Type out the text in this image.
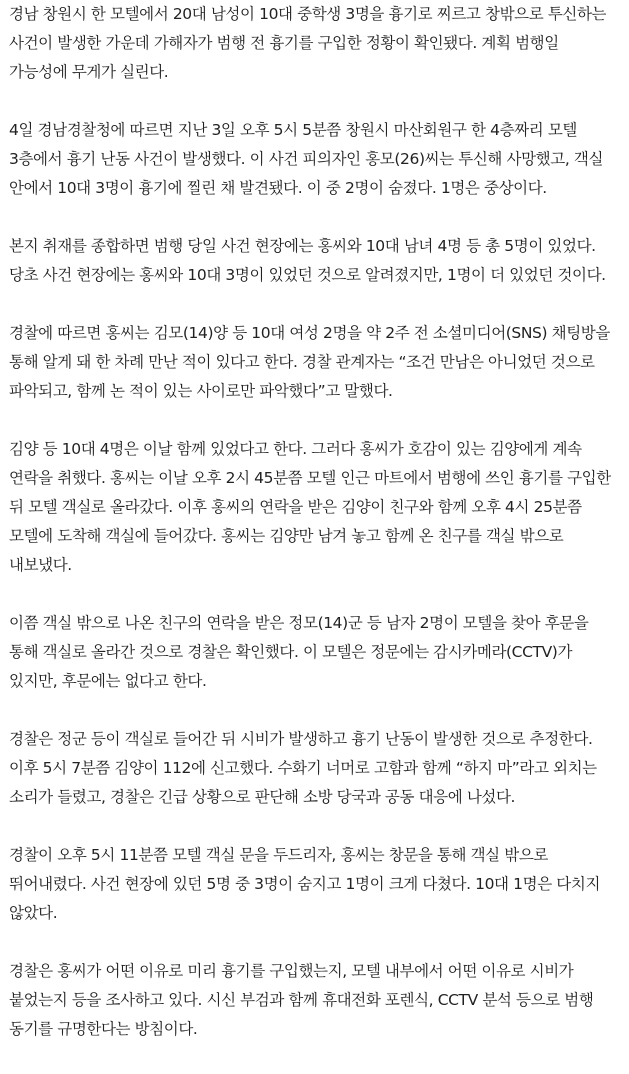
경남 창원시 한 모텔에서 20대 남성이 10대 중학생 3명을 흉기로 찌르고 창밖으로 투신하는 사건이 발생한 가운데 가해자가 범행 전 흉기를 구입한 정황이 확인됐다. 계획 범행일 가능성에 무게가 실린다.

4일 경남경찰청에 따르면 지난 3일 오후 5시 5분쯤 창원시 마산회원구 한 4층짜리 모텔 3층에서 흉기 난동 사건이 발생했다. 이 사건 피의자인 홍모(26)씨는 투신해 사망했고, 객실 안에서 10대 3명이 흉기에 찔린 채 발견됐다. 이 중 2명이 숨졌다. 1명은 중상이다.

본지 취재를 종합하면 범행 당일 사건 현장에는 홍씨와 10대 남녀 4명 등 총 5명이 있었다. 당초 사건 현장에는 홍씨와 10대 3명이 있었던 것으로 알려졌지만, 1명이 더 있었던 것이다.

경찰에 따르면 홍씨는 김모(14)양 등 10대 여성 2명을 약 2주 전 소셜미디어(SNS) 채팅방을 통해 알게 돼 한 차례 만난 적이 있다고 한다. 경찰 관계자는 “조건 만남은 아니었던 것으로 파악되고, 함께 논 적이 있는 사이로만 파악했다”고 말했다.

김양 등 10대 4명은 이날 함께 있었다고 한다. 그러다 홍씨가 호감이 있는 김양에게 계속 연락을 취했다. 홍씨는 이날 오후 2시 45분쯤 모텔 인근 마트에서 범행에 쓰인 흉기를 구입한 뒤 모텔 객실로 올라갔다. 이후 홍씨의 연락을 받은 김양이 친구와 함께 오후 4시 25분쯤 모텔에 도착해 객실에 들어갔다. 홍씨는 김양만 남겨 놓고 함께 온 친구를 객실 밖으로 내보냈다.

이쯤 객실 밖으로 나온 친구의 연락을 받은 정모(14)군 등 남자 2명이 모텔을 찾아 후문을 통해 객실로 올라간 것으로 경찰은 확인했다. 이 모텔은 정문에는 감시카메라(CCTV)가 있지만, 후문에는 없다고 한다.

경찰은 정군 등이 객실로 들어간 뒤 시비가 발생하고 흉기 난동이 발생한 것으로 추정한다. 이후 5시 7분쯤 김양이 112에 신고했다. 수화기 너머로 고함과 함께 “하지 마”라고 외치는 소리가 들렸고, 경찰은 긴급 상황으로 판단해 소방 당국과 공동 대응에 나섰다.

경찰이 오후 5시 11분쯤 모텔 객실 문을 두드리자, 홍씨는 창문을 통해 객실 밖으로 뛰어내렸다. 사건 현장에 있던 5명 중 3명이 숨지고 1명이 크게 다쳤다. 10대 1명은 다치지 않았다.

경찰은 홍씨가 어떤 이유로 미리 흉기를 구입했는지, 모텔 내부에서 어떤 이유로 시비가 붙었는지 등을 조사하고 있다. 시신 부검과 함께 휴대전화 포렌식, CCTV 분석 등으로 범행 동기를 규명한다는 방침이다.
